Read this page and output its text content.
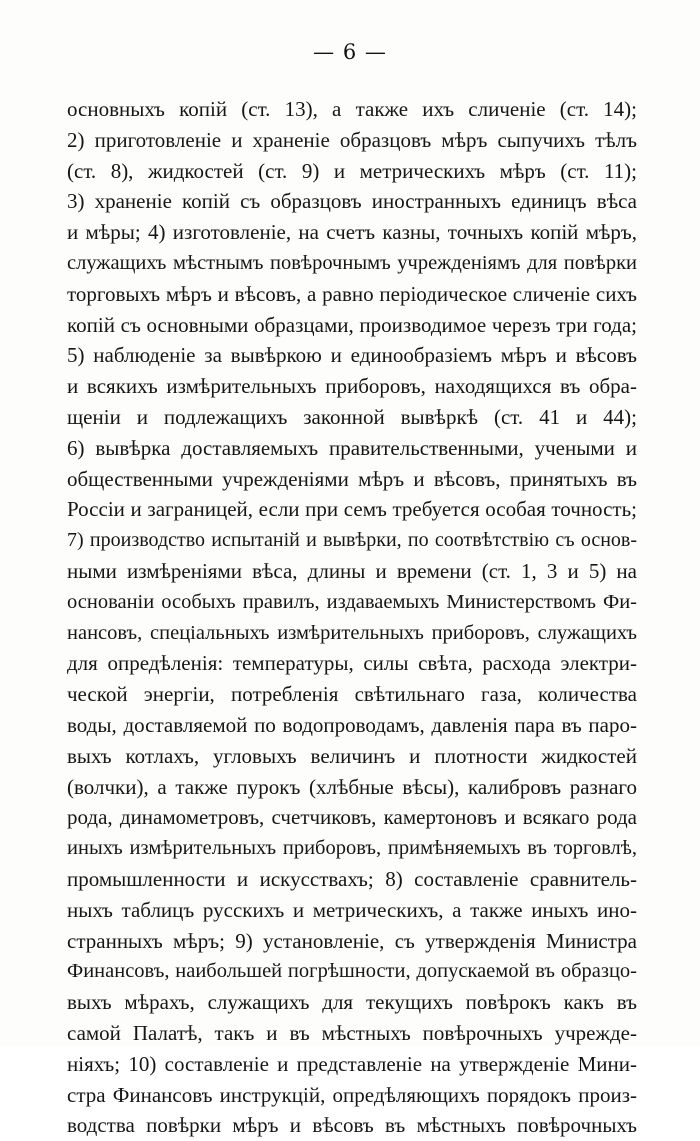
— 6 —
основныхъ копій (ст. 13), а также ихъ сличеніе (ст. 14);
2) приготовленіе и храненіе образцовъ мѣръ сыпучихъ тѣлъ
(ст. 8), жидкостей (ст. 9) и метрическихъ мѣръ (ст. 11);
3) храненіе копій съ образцовъ иностранныхъ единицъ вѣса
и мѣры; 4) изготовленіе, на счетъ казны, точныхъ копій мѣръ,
служащихъ мѣстнымъ повѣрочнымъ учрежденіямъ для повѣрки
торговыхъ мѣръ и вѣсовъ, а равно періодическое сличеніе сихъ
копій съ основными образцами, производимое черезъ три года;
5) наблюденіе за вывѣркою и единообразіемъ мѣръ и вѣсовъ
и всякихъ измѣрительныхъ приборовъ, находящихся въ обра-
щеніи и подлежащихъ законной вывѣркѣ (ст. 41 и 44);
6) вывѣрка доставляемыхъ правительственными, учеными и
общественными учрежденіями мѣръ и вѣсовъ, принятыхъ въ
Россіи и заграницей, если при семъ требуется особая точность;
7) производство испытаній и вывѣрки, по соотвѣтствію съ основ-
ными измѣреніями вѣса, длины и времени (ст. 1, 3 и 5) на
основаніи особыхъ правилъ, издаваемыхъ Министерствомъ Фи-
нансовъ, спеціальныхъ измѣрительныхъ приборовъ, служащихъ
для опредѣленія: температуры, силы свѣта, расхода электри-
ческой энергіи, потребленія свѣтильнаго газа, количества
воды, доставляемой по водопроводамъ, давленія пара въ паро-
выхъ котлахъ, угловыхъ величинъ и плотности жидкостей
(волчки), а также пурокъ (хлѣбные вѣсы), калибровъ разнаго
рода, динамометровъ, счетчиковъ, камертоновъ и всякаго рода
иныхъ измѣрительныхъ приборовъ, примѣняемыхъ въ торговлѣ,
промышленности и искусствахъ; 8) составленіе сравнитель-
ныхъ таблицъ русскихъ и метрическихъ, а также иныхъ ино-
странныхъ мѣръ; 9) установленіе, съ утвержденія Министра
Финансовъ, наибольшей погрѣшности, допускаемой въ образцо-
выхъ мѣрахъ, служащихъ для текущихъ повѣрокъ какъ въ
самой Палатѣ, такъ и въ мѣстныхъ повѣрочныхъ учрежде-
ніяхъ; 10) составленіе и представленіе на утвержденіе Мини-
стра Финансовъ инструкцій, опредѣляющихъ порядокъ произ-
водства повѣрки мѣръ и вѣсовъ въ мѣстныхъ повѣрочныхъ
